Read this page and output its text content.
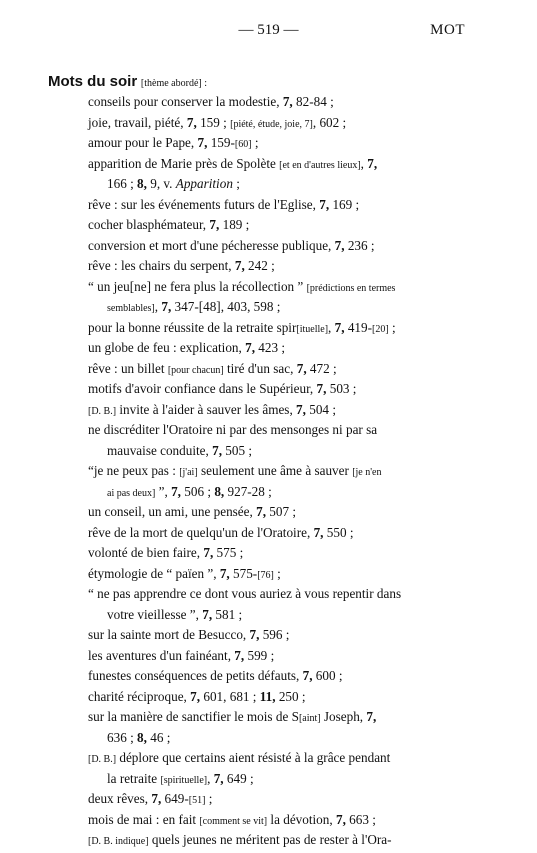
— 519 —	MOT
Mots du soir [thème abordé] :
conseils pour conserver la modestie, 7, 82-84 ;
joie, travail, piété, 7, 159 ; [piété, étude, joie, 7], 602 ;
amour pour le Pape, 7, 159-[60] ;
apparition de Marie près de Spolète [et en d'autres lieux], 7,
166 ; 8, 9, v. Apparition ;
rêve : sur les événements futurs de l'Eglise, 7, 169 ;
cocher blasphémateur, 7, 189 ;
conversion et mort d'une pécheresse publique, 7, 236 ;
rêve : les chairs du serpent, 7, 242 ;
“ un jeu[ne] ne fera plus la récollection ” [prédictions en termes
semblables], 7, 347-[48], 403, 598 ;
pour la bonne réussite de la retraite spir[ituelle], 7, 419-[20] ;
un globe de feu : explication, 7, 423 ;
rêve : un billet [pour chacun] tiré d'un sac, 7, 472 ;
motifs d'avoir confiance dans le Supérieur, 7, 503 ;
[D. B.] invite à l'aider à sauver les âmes, 7, 504 ;
ne discréditer l'Oratoire ni par des mensonges ni par sa
mauvaise conduite, 7, 505 ;
“je ne peux pas : [j'ai] seulement une âme à sauver [je n'en
ai pas deux] ”, 7, 506 ; 8, 927-28 ;
un conseil, un ami, une pensée, 7, 507 ;
rêve de la mort de quelqu'un de l'Oratoire, 7, 550 ;
volonté de bien faire, 7, 575 ;
étymologie de “ païen ”, 7, 575-[76] ;
“ ne pas apprendre ce dont vous auriez à vous repentir dans
votre vieillesse ”, 7, 581 ;
sur la sainte mort de Besucco, 7, 596 ;
les aventures d'un fainéant, 7, 599 ;
funestes conséquences de petits défauts, 7, 600 ;
charité réciproque, 7, 601, 681 ; 11, 250 ;
sur la manière de sanctifier le mois de S[aint] Joseph, 7,
636 ; 8, 46 ;
[D. B.] déplore que certains aient résisté à la grâce pendant
la retraite [spirituelle], 7, 649 ;
deux rêves, 7, 649-[51] ;
mois de mai : en fait [comment se vit] la dévotion, 7, 663 ;
[D. B. indique] quels jeunes ne méritent pas de rester à l'Ora-
